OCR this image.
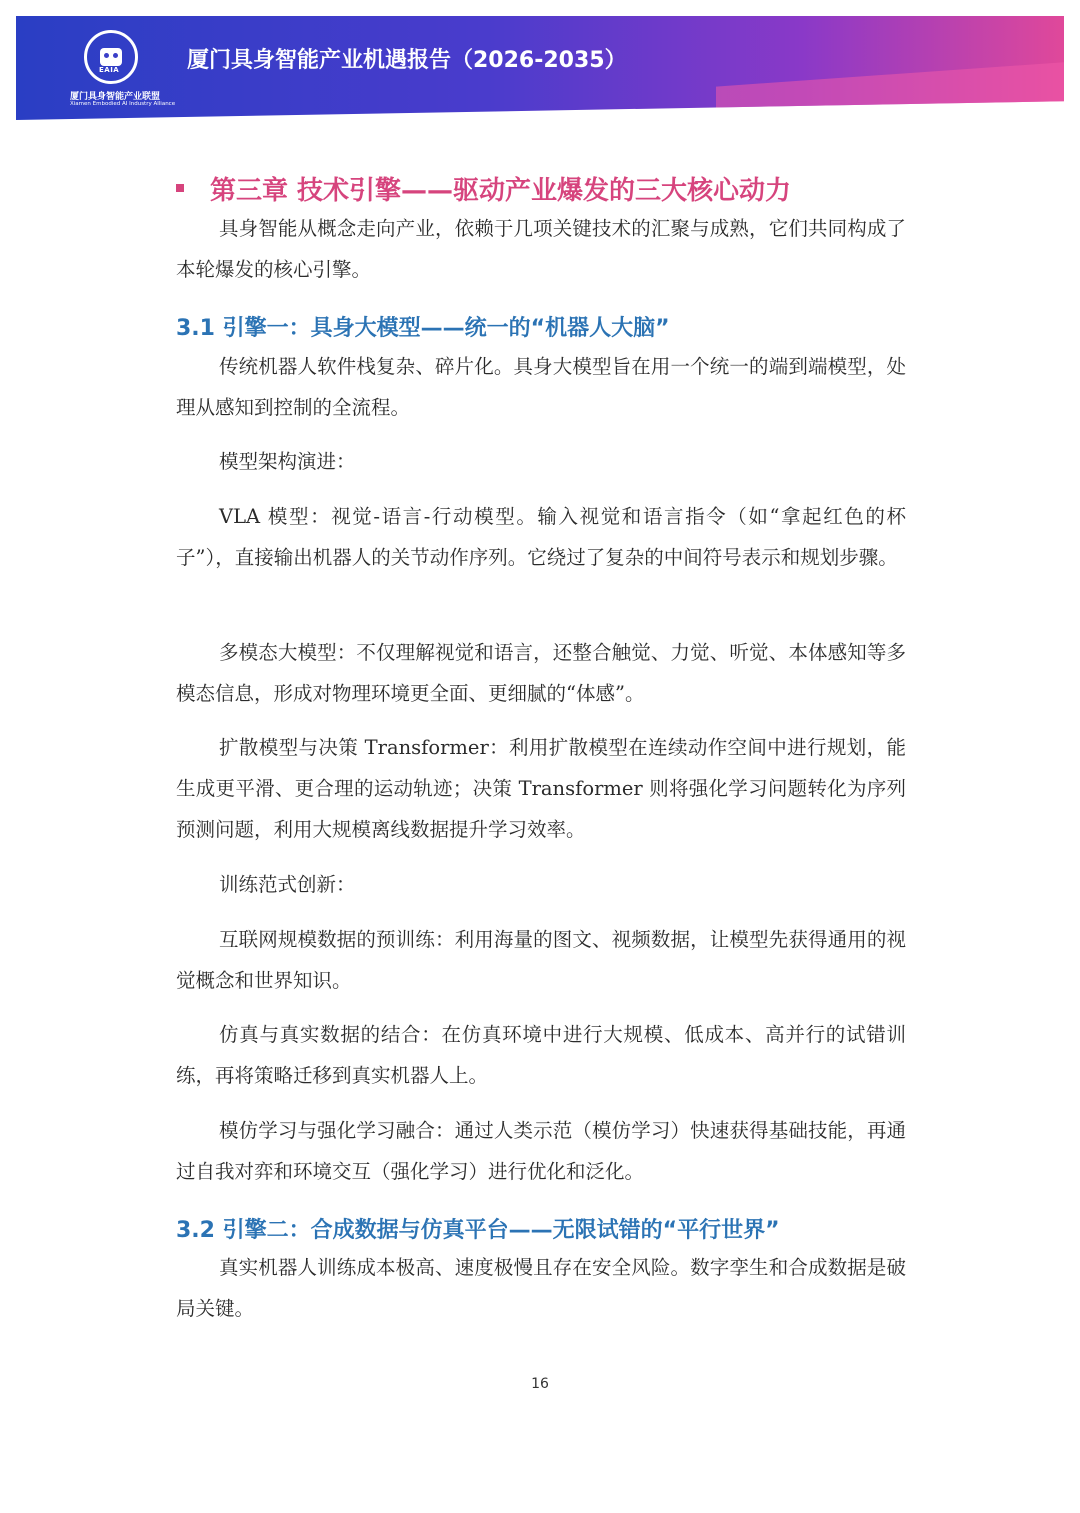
EAIA
厦门具身智能产业联盟
Xiamen Embodied AI Industry Alliance
厦门具身智能产业机遇报告（2026-2035）
第三章 技术引擎——驱动产业爆发的三大核心动力

具身智能从概念走向产业，依赖于几项关键技术的汇聚与成熟，它们共同构成了本轮爆发的核心引擎。

3.1 引擎一：具身大模型——统一的“机器人大脑”

传统机器人软件栈复杂、碎片化。具身大模型旨在用一个统一的端到端模型，处理从感知到控制的全流程。

模型架构演进：

VLA 模型：视觉-语言-行动模型。输入视觉和语言指令（如“拿起红色的杯子”），直接输出机器人的关节动作序列。它绕过了复杂的中间符号表示和规划步骤。

多模态大模型：不仅理解视觉和语言，还整合触觉、力觉、听觉、本体感知等多模态信息，形成对物理环境更全面、更细腻的“体感”。

扩散模型与决策 Transformer：利用扩散模型在连续动作空间中进行规划，能生成更平滑、更合理的运动轨迹；决策 Transformer 则将强化学习问题转化为序列预测问题，利用大规模离线数据提升学习效率。

训练范式创新：

互联网规模数据的预训练：利用海量的图文、视频数据，让模型先获得通用的视觉概念和世界知识。

仿真与真实数据的结合：在仿真环境中进行大规模、低成本、高并行的试错训练，再将策略迁移到真实机器人上。

模仿学习与强化学习融合：通过人类示范（模仿学习）快速获得基础技能，再通过自我对弈和环境交互（强化学习）进行优化和泛化。

3.2 引擎二：合成数据与仿真平台——无限试错的“平行世界”

真实机器人训练成本极高、速度极慢且存在安全风险。数字孪生和合成数据是破局关键。

16
